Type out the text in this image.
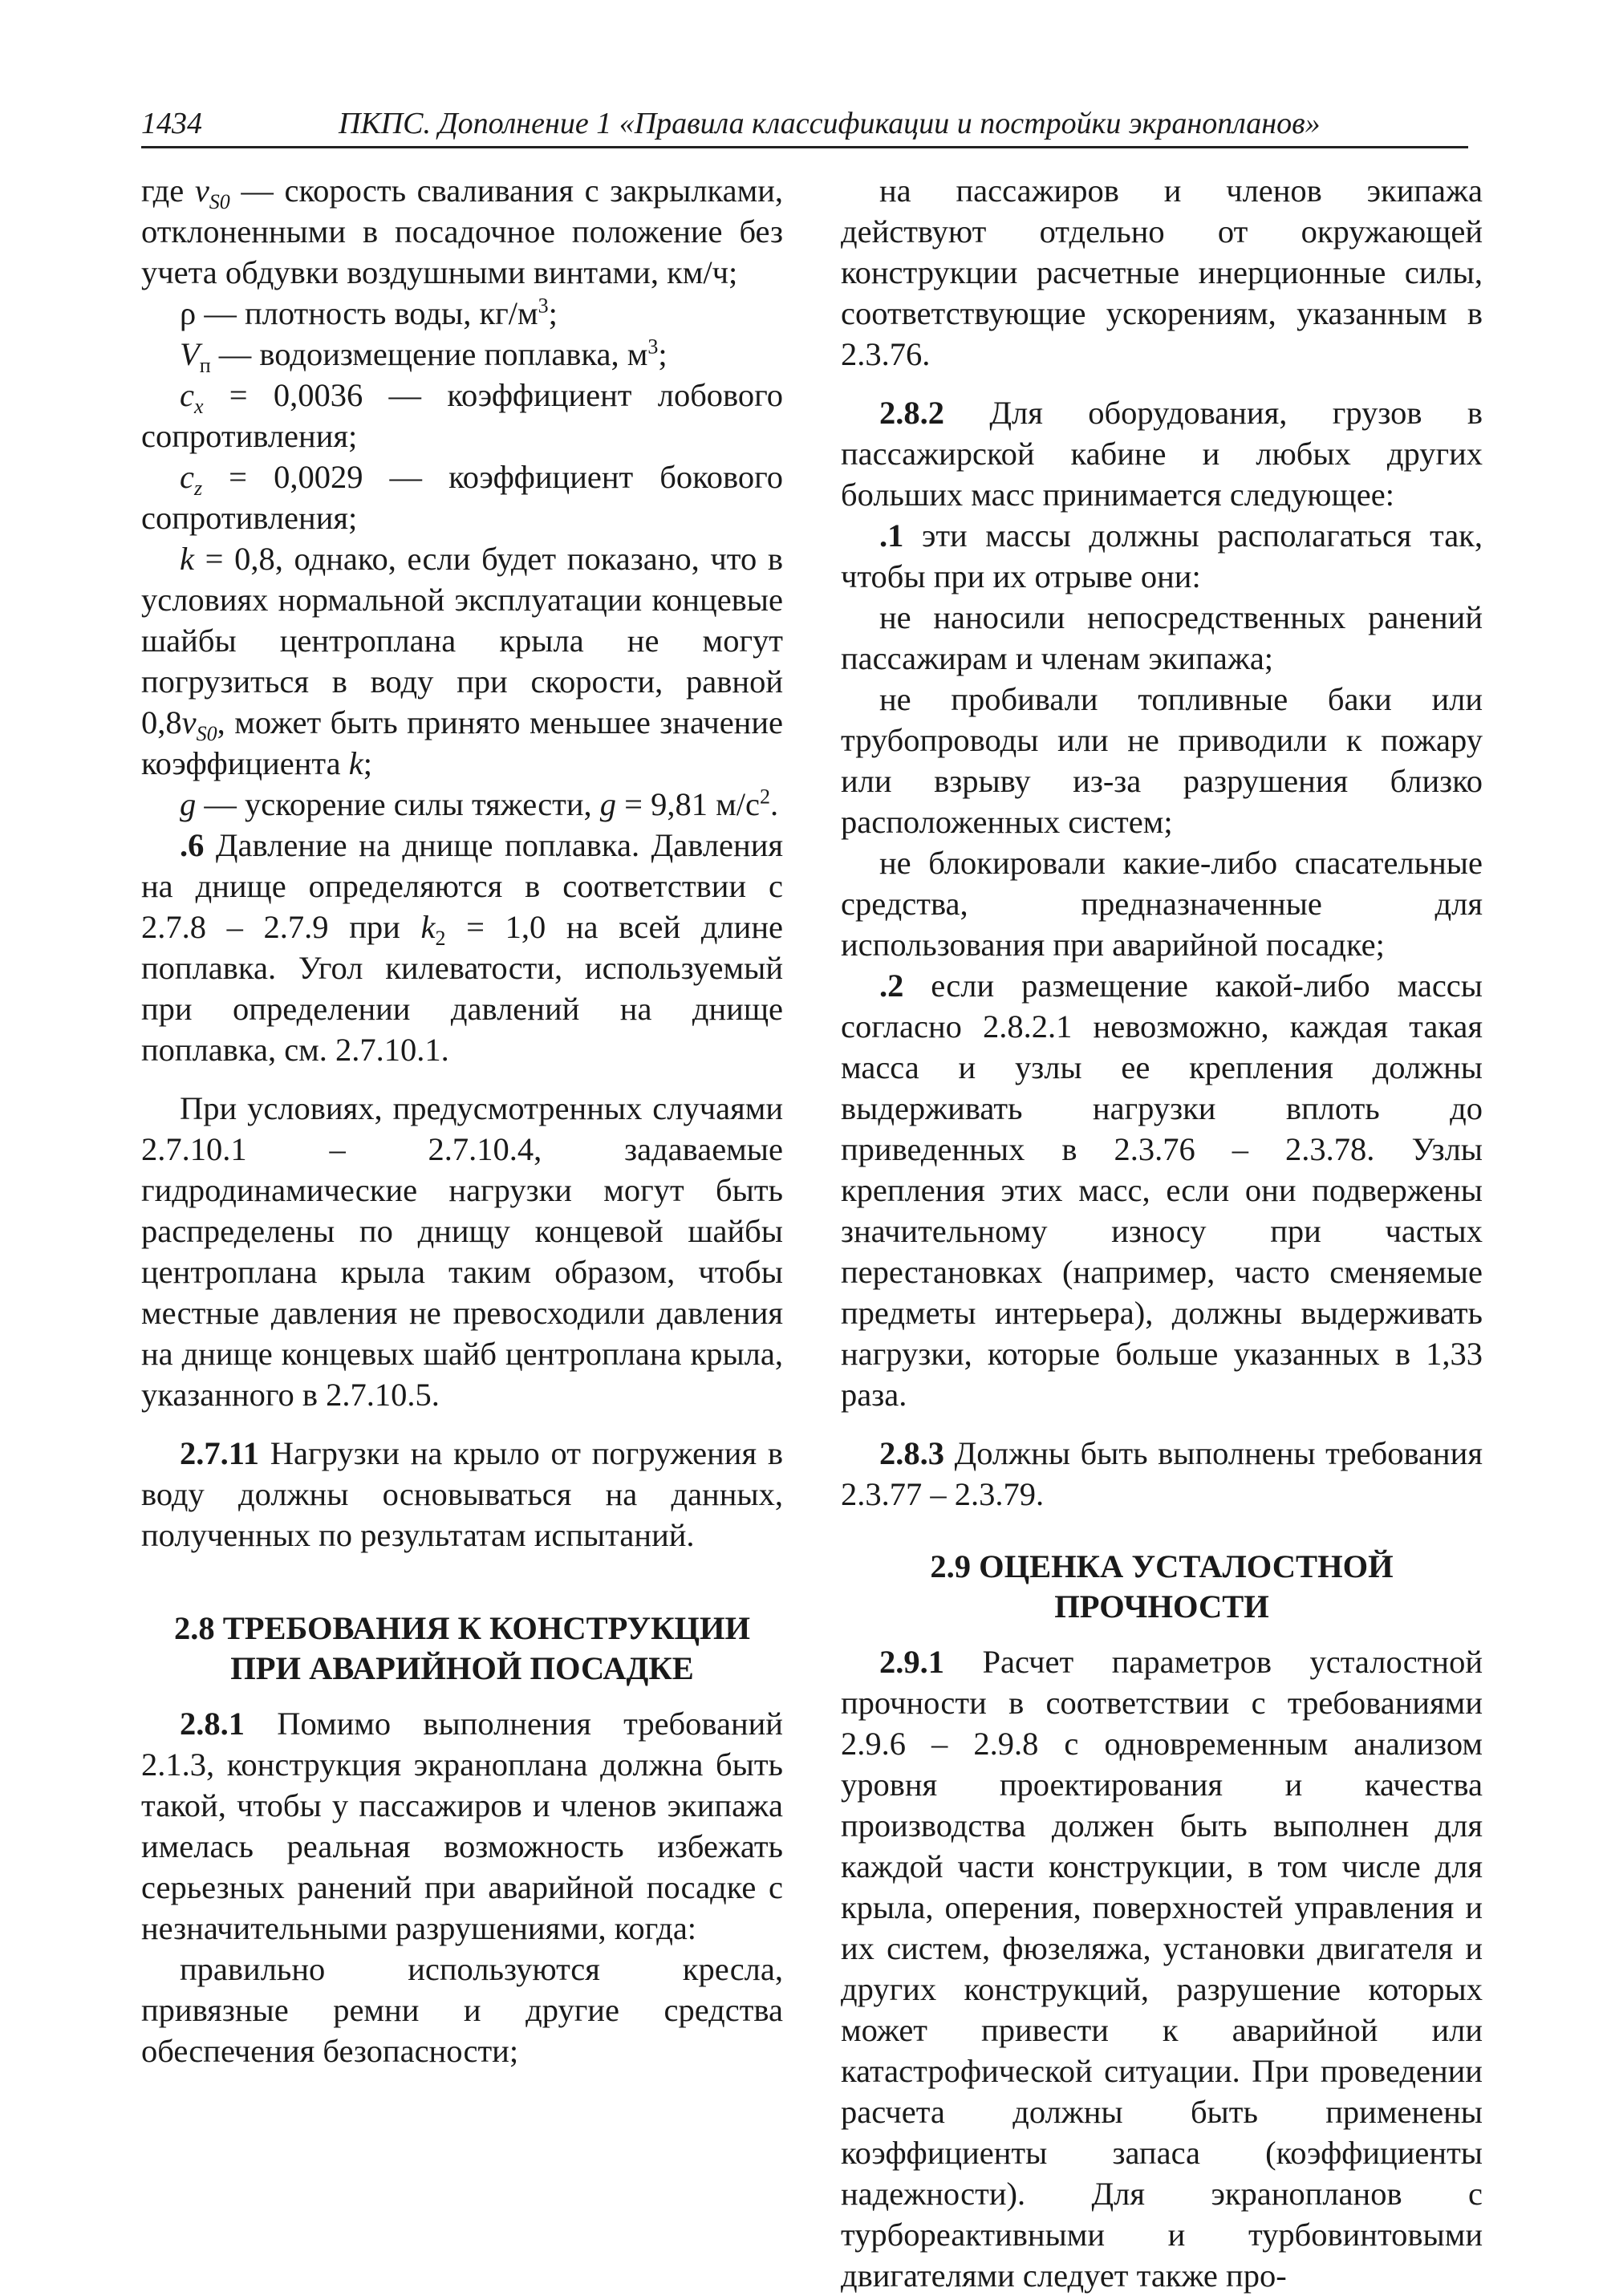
1434	ПКПС. Дополнение 1 «Правила классификации и постройки экранопланов»

где $v_{S0}$ — скорость сваливания с закрылками, отклоненными в посадочное положение без учета обдувки воздушными винтами, км/ч;

ρ — плотность воды, $кг/м^3$;

$V_п$ — водоизмещение поплавка, $м^3$;

$c_x = 0,0036$ — коэффициент лобового сопротивления;

$c_z = 0,0029$ — коэффициент бокового сопротивления;

k = 0,8, однако, если будет показано, что в условиях нормальной эксплуатации концевые шайбы центроплана крыла не могут погрузиться в воду при скорости, равной $0,8v_{S0}$, может быть принято меньшее значение коэффициента k;

g — ускорение силы тяжести, g = 9,81 $м/с^2$.

.6 Давление на днище поплавка. Давления на днище определяются в соответствии с 2.7.8 – 2.7.9 при $k_2 = 1,0$ на всей длине поплавка. Угол килеватости, используемый при определении давлений на днище поплавка, см. 2.7.10.1.

При условиях, предусмотренных случаями 2.7.10.1 – 2.7.10.4, задаваемые гидродинамические нагрузки могут быть распределены по днищу концевой шайбы центроплана крыла таким образом, чтобы местные давления не превосходили давления на днище концевых шайб центроплана крыла, указанного в 2.7.10.5.

2.7.11 Нагрузки на крыло от погружения в воду должны основываться на данных, полученных по результатам испытаний.

2.8 ТРЕБОВАНИЯ К КОНСТРУКЦИИ ПРИ АВАРИЙНОЙ ПОСАДКЕ

2.8.1 Помимо выполнения требований 2.1.3, конструкция экраноплана должна быть такой, чтобы у пассажиров и членов экипажа имелась реальная возможность избежать серьезных ранений при аварийной посадке с незначительными разрушениями, когда:

правильно используются кресла, привязные ремни и другие средства обеспечения безопасности;

на пассажиров и членов экипажа действуют отдельно от окружающей конструкции расчетные инерционные силы, соответствующие ускорениям, указанным в 2.3.76.

2.8.2 Для оборудования, грузов в пассажирской кабине и любых других больших масс принимается следующее:

.1 эти массы должны располагаться так, чтобы при их отрыве они:

не наносили непосредственных ранений пассажирам и членам экипажа;

не пробивали топливные баки или трубопроводы или не приводили к пожару или взрыву из-за разрушения близко расположенных систем;

не блокировали какие-либо спасательные средства, предназначенные для использования при аварийной посадке;

.2 если размещение какой-либо массы согласно 2.8.2.1 невозможно, каждая такая масса и узлы ее крепления должны выдерживать нагрузки вплоть до приведенных в 2.3.76 – 2.3.78. Узлы крепления этих масс, если они подвержены значительному износу при частых перестановках (например, часто сменяемые предметы интерьера), должны выдерживать нагрузки, которые больше указанных в 1,33 раза.

2.8.3 Должны быть выполнены требования 2.3.77 – 2.3.79.

2.9 ОЦЕНКА УСТАЛОСТНОЙ ПРОЧНОСТИ

2.9.1 Расчет параметров усталостной прочности в соответствии с требованиями 2.9.6 – 2.9.8 с одновременным анализом уровня проектирования и качества производства должен быть выполнен для каждой части конструкции, в том числе для крыла, оперения, поверхностей управления и их систем, фюзеляжа, установки двигателя и других конструкций, разрушение которых может привести к аварийной или катастрофической ситуации. При проведении расчета должны быть применены коэффициенты запаса (коэффициенты надежности). Для экранопланов с турбореактивными и турбовинтовыми двигателями следует также про-
